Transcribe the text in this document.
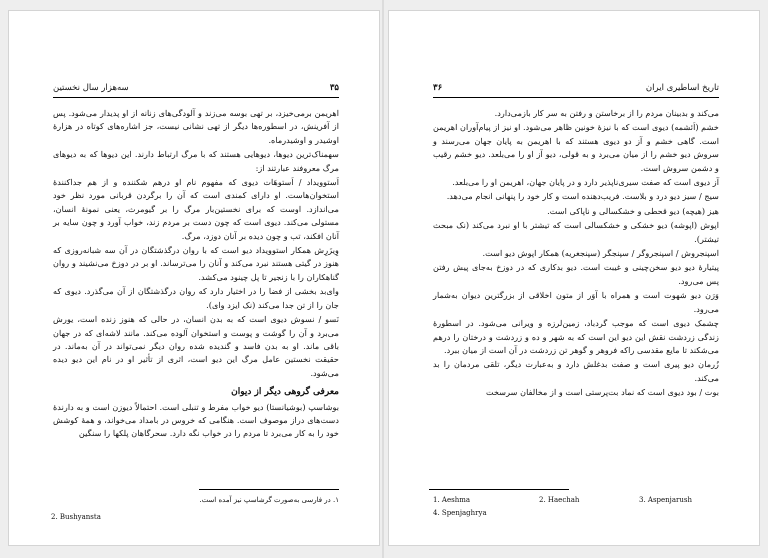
سه‌هزار سال نخستین	۳۵

اهریمن برمی‌خیزد، بر تهی بوسه می‌زند و آلودگی‌های زنانه از او پدیدار می‌شود. پس از آفرینش، در اسطوره‌ها دیگر از تهی نشانی نیست، جز اشاره‌های کوتاه در هزارهٔ اوشیدر و اوشیدرماه.

سهمناک‌ترین دیوها، دیوهایی هستند که با مرگ ارتباط دارند. این دیوها که به دیوهای مرگ معروفند عبارتند از:

اَستوویداد / اَستوهَات دیوی که مفهوم نام او درهم شکننده و از هم جداکنندهٔ استخوان‌هاست. او دارای کمندی است که آن را برگردن قربانی مورد نظر خود می‌اندازد. اوست که برای نخستین‌بار مرگ را بر گیومرث، یعنی نمونهٔ انسان، مستولی می‌کند. دیوی است که چون دست بر مردم زند، خواب آورد و چون سایه بر آنان افکند، تب و چون دیده بر آنان دوزد، مرگ.

وِیزَرِش همکار استوویداد دیو است که با روان درگذشتگان در آن سه شبانه‌روزی که هنوز در گیتی هستند نبرد می‌کند و آنان را می‌ترساند. او بر در دوزخ می‌نشیند و روان گناهکاران را با زنجیر تا پل چینود می‌کشد.

وای‌بد بخشی از فضا را در اختیار دارد که روان درگذشتگان از آن می‌گذرد. دیوی که جان را از تن جدا می‌کند (نک ایزد وای).

نَسو / نسوش دیوی است که به بدن انسان، در حالی که هنوز زنده است، یورش می‌برد و آن را گوشت و پوست و استخوان آلوده می‌کند. مانند لاشه‌ای که در جهان باقی ماند. او به بدن فاسد و گندیده شده روان دیگر نمی‌تواند در آن به‌ماند. در حقیقت نخستین عامل مرگ این دیو است، اثری از تأثیر او در نام این دیو دیده می‌شود.

معرفی گروهی دیگر از دیوان

بوشاسپ (بوشیانستا) دیو خواب مفرط و تنبلی است. احتمالاً دیوزن است و به دارندهٔ دست‌های دراز موصوف است. هنگامی که خروس در بامداد می‌خواند، و همهٔ کوشش خود را به کار می‌برد تا مردم را در خواب نگه دارد. سحرگاهان پلکها را سنگین

۱. در فارسی به‌صورت گرشاسپ نیز آمده است.
2. Bushyansta
۳۶	تاریخ اساطیری ایران

می‌کند و بدبینان مردم را از برخاستن و رفتن به سر کار بازمی‌دارد.

خشم (اَئشمه) دیوی است که با نیزهٔ خونین ظاهر می‌شود. او نیز از پیام‌آوران اهریمن است. گاهی خشم و آز دو دیوی هستند که با اهریمن به پایان جهان می‌رسند و سروش دیو خشم را از میان می‌برد و به قولی، دیو آز او را می‌بلعد. دیو خشم رقیب و دشمن سروش است.

آز دیوی است که صفت سیری‌ناپذیر دارد و در پایان جهان، اهریمن او را می‌بلعد.

سیج / سیز دیو درد و بلاست. فریب‌دهنده است و کار خود را پنهانی انجام می‌دهد.

هیز (هیچه) دیو قحطی و خشکسالی و ناپاکی است.

اپوش (اپوشه) دیو خشکی و خشکسالی است که تیشتر با او نبرد می‌کند (نک مبحث تیشتر).

اسپنجروش / اسپنجروگر / سپنجگر (سپنجغریه) همکار اپوش دیو است.

پیتیارۀ دیو دیو سخن‌چینی و غیبت است. دیو بدکاری که در دوزخ به‌جای پیش رفتن پس می‌رود.

وَرَن دیو شهوت است و همراه با آوَر از متون اخلاقی از بزرگترین دیوان به‌شمار می‌رود.

چشمک دیوی است که موجب گردباد، زمین‌لرزه و ویرانی می‌شود. در اسطورهٔ زندگی زردشت نقش این دیو این است که به شهر و ده و زردشت و درختان را درهم می‌شکند تا مایع مقدسی راکه فروهر و گوهر تن زردشت در آن است از میان ببرد.

زُرمان دیو پیری است و صفت بدغلش دارد و به‌عبارت دیگر، تلقی مردمان را بد می‌کند.

بوت / بود دیوی است که نماد بت‌پرستی است و از مخالفان سرسخت

1. Aeshma	2. Haechah	3. Aspenjarush
4. Spenjaghrya
